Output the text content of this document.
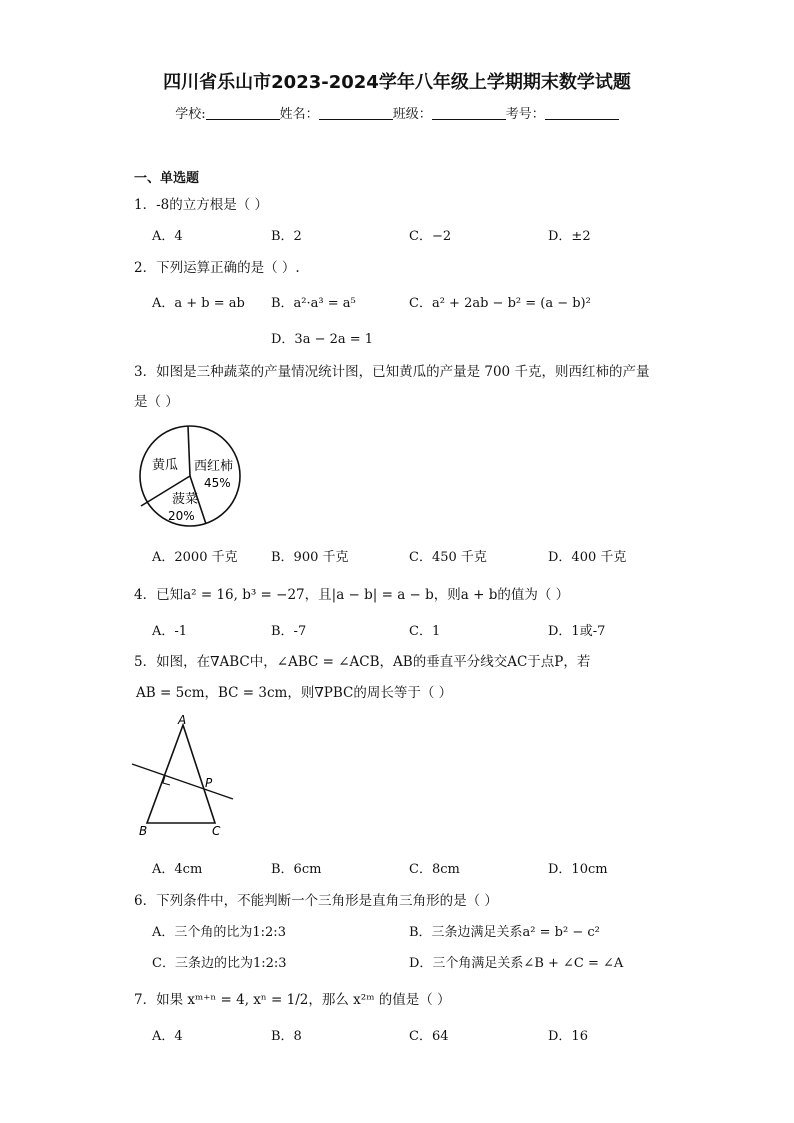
四川省乐山市2023-2024学年八年级上学期期末数学试题
学校:	姓名：	班级：	考号：
一、单选题
1．-8的立方根是（ ）
A．4	B．2	C．−2	D．±2
2．下列运算正确的是（ ）.
A．a + b = ab B．a²·a³ = a⁵	C．a² + 2ab − b² = (a − b)²
D．3a − 2a = 1
3．如图是三种蔬菜的产量情况统计图，已知黄瓜的产量是 700 千克，则西红柿的产量
是（ ）
黄瓜 西红柿
45%
菠菜
20%
A．2000 千克	B．900 千克	C．450 千克	D．400 千克
4．已知a² = 16, b³ = −27，且|a − b| = a − b，则a + b的值为（ ）
A．-1	B．-7	C．1	D．1或-7
5．如图，在∇ABC中，∠ABC = ∠ACB，AB的垂直平分线交AC于点P，若
AB = 5cm，BC = 3cm，则∇PBC的周长等于（ ）
A
P
B	C
A．4cm	B．6cm	C．8cm	D．10cm
6．下列条件中，不能判断一个三角形是直角三角形的是（ ）
A．三个角的比为1:2:3	B．三条边满足关系a² = b² − c²
C．三条边的比为1:2:3	D．三个角满足关系∠B + ∠C = ∠A
7．如果 xᵐ⁺ⁿ = 4, xⁿ = 1/2，那么 x²ᵐ 的值是（ ）
A．4	B．8	C．64	D．16
